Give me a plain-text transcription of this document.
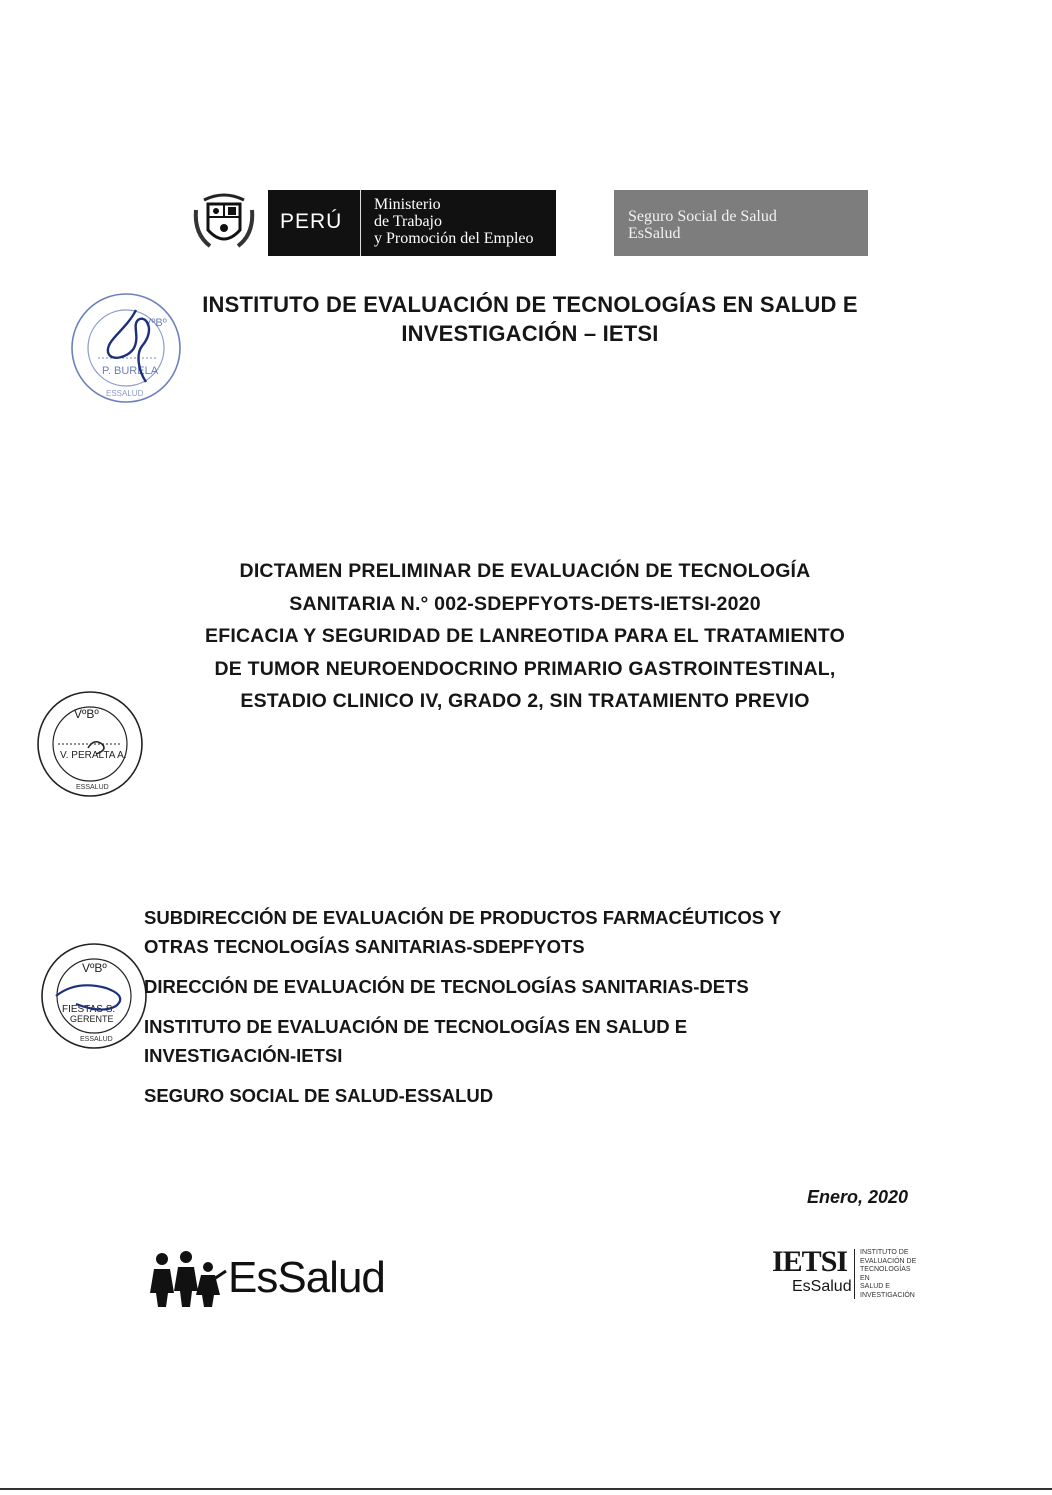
PERÚ
Ministerio
de Trabajo
y Promoción del Empleo
Seguro Social de Salud
EsSalud
VºBº
P. BURELA
ESSALUD
INSTITUTO DE EVALUACIÓN DE TECNOLOGÍAS EN SALUD E
INVESTIGACIÓN – IETSI
DICTAMEN PRELIMINAR DE EVALUACIÓN DE TECNOLOGÍA
SANITARIA N.° 002-SDEPFYOTS-DETS-IETSI-2020
EFICACIA Y SEGURIDAD DE LANREOTIDA PARA EL TRATAMIENTO
DE TUMOR NEUROENDOCRINO PRIMARIO GASTROINTESTINAL,
ESTADIO CLINICO IV, GRADO 2, SIN TRATAMIENTO PREVIO
VºBº
V. PERALTA A.
ESSALUD
VºBº
FIESTAS S.
GERENTE
ESSALUD
SUBDIRECCIÓN DE EVALUACIÓN DE PRODUCTOS FARMACÉUTICOS Y
OTRAS TECNOLOGÍAS SANITARIAS-SDEPFYOTS
DIRECCIÓN DE EVALUACIÓN DE TECNOLOGÍAS SANITARIAS-DETS
INSTITUTO DE EVALUACIÓN DE TECNOLOGÍAS EN SALUD E
INVESTIGACIÓN-IETSI
SEGURO SOCIAL DE SALUD-ESSALUD
Enero, 2020
EsSalud	IETSI
EsSalud
INSTITUTO DE
EVALUACIÓN DE
TECNOLOGÍAS EN
SALUD E
INVESTIGACIÓN
